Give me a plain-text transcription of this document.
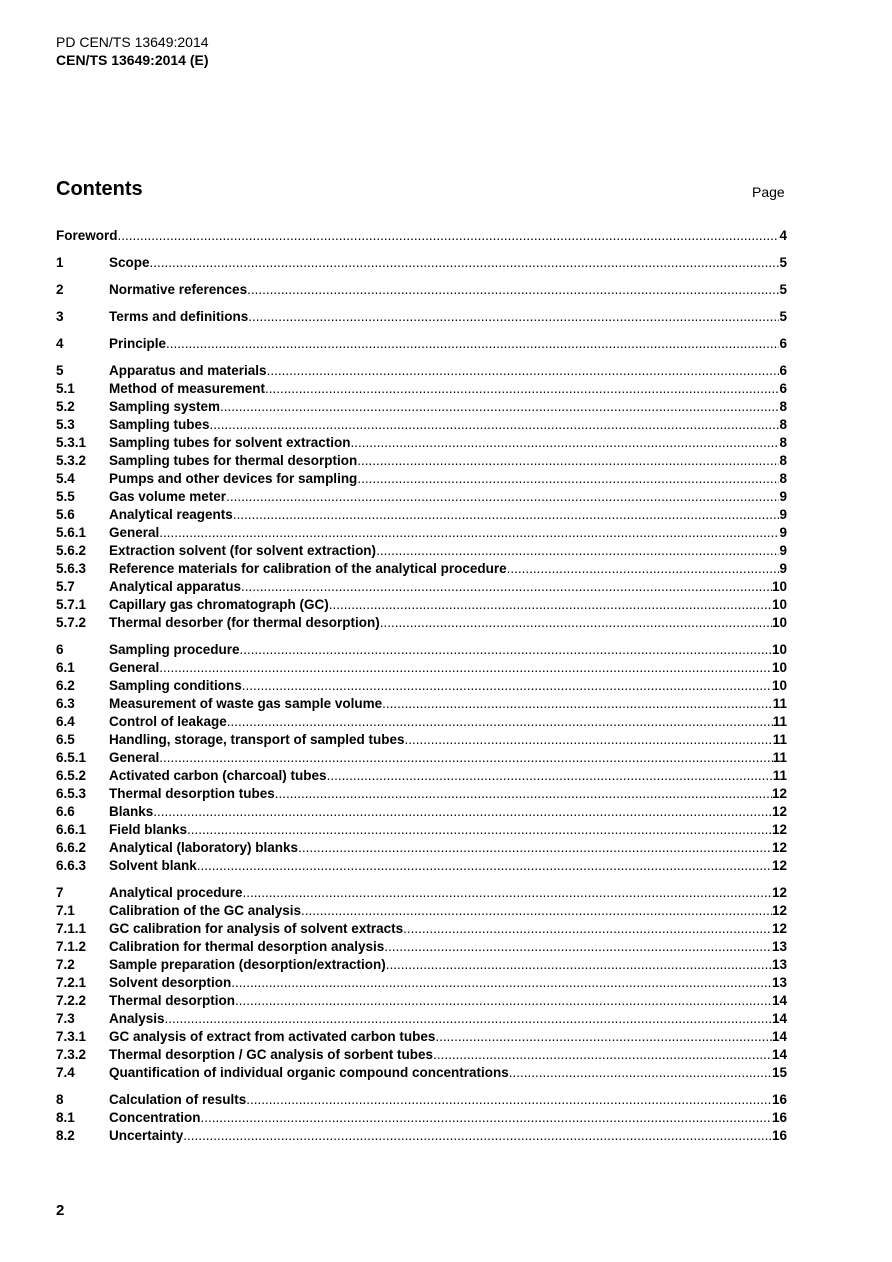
PD CEN/TS 13649:2014
CEN/TS 13649:2014 (E)
Contents	Page
Foreword .....	4
1	Scope .....	5
2	Normative references .....	5
3	Terms and definitions .....	5
4	Principle .....	6
5	Apparatus and materials .....	6
5.1	Method of measurement .....	6
5.2	Sampling system .....	8
5.3	Sampling tubes .....	8
5.3.1	Sampling tubes for solvent extraction .....	8
5.3.2	Sampling tubes for thermal desorption .....	8
5.4	Pumps and other devices for sampling .....	8
5.5	Gas volume meter .....	9
5.6	Analytical reagents .....	9
5.6.1	General .....	9
5.6.2	Extraction solvent (for solvent extraction) .....	9
5.6.3	Reference materials for calibration of the analytical procedure .....	9
5.7	Analytical apparatus .....	10
5.7.1	Capillary gas chromatograph (GC) .....	10
5.7.2	Thermal desorber (for thermal desorption) .....	10
6	Sampling procedure .....	10
6.1	General .....	10
6.2	Sampling conditions .....	10
6.3	Measurement of waste gas sample volume .....	11
6.4	Control of leakage .....	11
6.5	Handling, storage, transport of sampled tubes .....	11
6.5.1	General .....	11
6.5.2	Activated carbon (charcoal) tubes .....	11
6.5.3	Thermal desorption tubes .....	12
6.6	Blanks .....	12
6.6.1	Field blanks .....	12
6.6.2	Analytical (laboratory) blanks .....	12
6.6.3	Solvent blank .....	12
7	Analytical procedure .....	12
7.1	Calibration of the GC analysis .....	12
7.1.1	GC calibration for analysis of solvent extracts .....	12
7.1.2	Calibration for thermal desorption analysis .....	13
7.2	Sample preparation (desorption/extraction) .....	13
7.2.1	Solvent desorption .....	13
7.2.2	Thermal desorption .....	14
7.3	Analysis .....	14
7.3.1	GC analysis of extract from activated carbon tubes .....	14
7.3.2	Thermal desorption / GC analysis of sorbent tubes .....	14
7.4	Quantification of individual organic compound concentrations .....	15
8	Calculation of results .....	16
8.1	Concentration .....	16
8.2	Uncertainty .....	16
2
